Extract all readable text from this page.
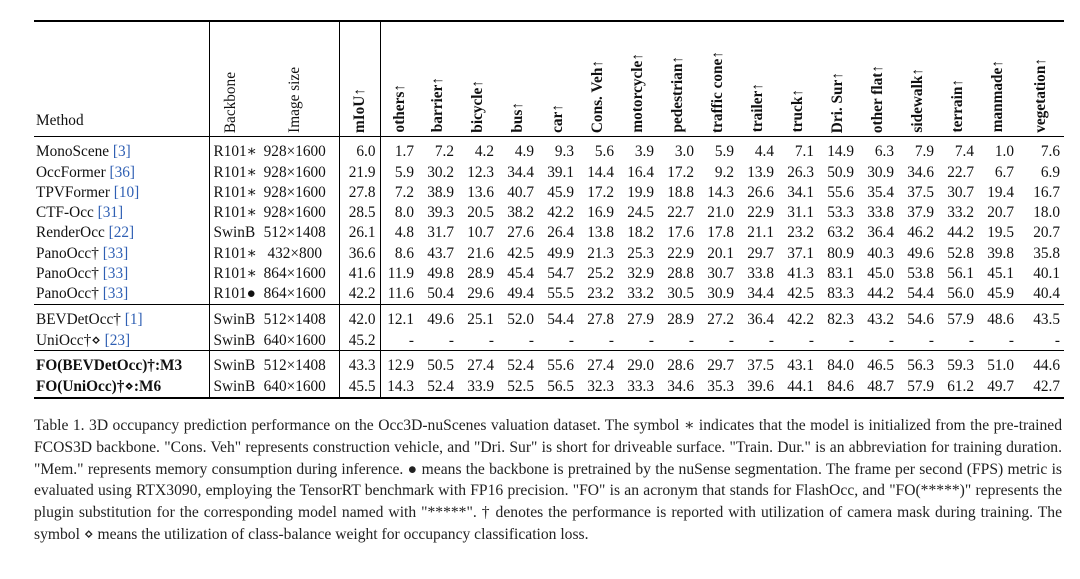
Method	Backbone	Image size	mIoU↑	others↑	barrier↑	bicycle↑	bus↑	car↑	Cons. Veh↑	motorcycle↑	pedestrian↑	traffic cone↑	trailer↑	truck↑	Dri. Sur↑	other flat↑	sidewalk↑	terrain↑	manmade↑	vegetation↑
MonoScene [3]	R101∗	928×1600	6.0	1.7	7.2	4.2	4.9	9.3	5.6	3.9	3.0	5.9	4.4	7.1	14.9	6.3	7.9	7.4	1.0	7.6
OccFormer [36]	R101∗	928×1600	21.9	5.9	30.2	12.3	34.4	39.1	14.4	16.4	17.2	9.2	13.9	26.3	50.9	30.9	34.6	22.7	6.7	6.9
TPVFormer [10]	R101∗	928×1600	27.8	7.2	38.9	13.6	40.7	45.9	17.2	19.9	18.8	14.3	26.6	34.1	55.6	35.4	37.5	30.7	19.4	16.7
CTF-Occ [31]	R101∗	928×1600	28.5	8.0	39.3	20.5	38.2	42.2	16.9	24.5	22.7	21.0	22.9	31.1	53.3	33.8	37.9	33.2	20.7	18.0
RenderOcc [22]	SwinB	512×1408	26.1	4.8	31.7	10.7	27.6	26.4	13.8	18.2	17.6	17.8	21.1	23.2	63.2	36.4	46.2	44.2	19.5	20.7
PanoOcc† [33]	R101∗	432×800	36.6	8.6	43.7	21.6	42.5	49.9	21.3	25.3	22.9	20.1	29.7	37.1	80.9	40.3	49.6	52.8	39.8	35.8
PanoOcc† [33]	R101∗	864×1600	41.6	11.9	49.8	28.9	45.4	54.7	25.2	32.9	28.8	30.7	33.8	41.3	83.1	45.0	53.8	56.1	45.1	40.1
PanoOcc† [33]	R101●	864×1600	42.2	11.6	50.4	29.6	49.4	55.5	23.2	33.2	30.5	30.9	34.4	42.5	83.3	44.2	54.4	56.0	45.9	40.4
BEVDetOcc† [1]	SwinB	512×1408	42.0	12.1	49.6	25.1	52.0	54.4	27.8	27.9	28.9	27.2	36.4	42.2	82.3	43.2	54.6	57.9	48.6	43.5
UniOcc†⋄ [23]	SwinB	640×1600	45.2	-	-	-	-	-	-	-	-	-	-	-	-	-	-	-	-	-
FO(BEVDetOcc)†:M3	SwinB	512×1408	43.3	12.9	50.5	27.4	52.4	55.6	27.4	29.0	28.6	29.7	37.5	43.1	84.0	46.5	56.3	59.3	51.0	44.6
FO(UniOcc)†⋄:M6	SwinB	640×1600	45.5	14.3	52.4	33.9	52.5	56.5	32.3	33.3	34.6	35.3	39.6	44.1	84.6	48.7	57.9	61.2	49.7	42.7

Table 1. 3D occupancy prediction performance on the Occ3D-nuScenes valuation dataset. The symbol ∗ indicates that the model is initialized from the pre-trained FCOS3D backbone. "Cons. Veh" represents construction vehicle, and "Dri. Sur" is short for driveable surface. "Train. Dur." is an abbreviation for training duration. "Mem." represents memory consumption during inference. ● means the backbone is pretrained by the nuSense segmentation. The frame per second (FPS) metric is evaluated using RTX3090, employing the TensorRT benchmark with FP16 precision. "FO" is an acronym that stands for FlashOcc, and "FO(*****)" represents the plugin substitution for the corresponding model named with "*****". † denotes the performance is reported with utilization of camera mask during training. The symbol ⋄ means the utilization of class-balance weight for occupancy classification loss.
